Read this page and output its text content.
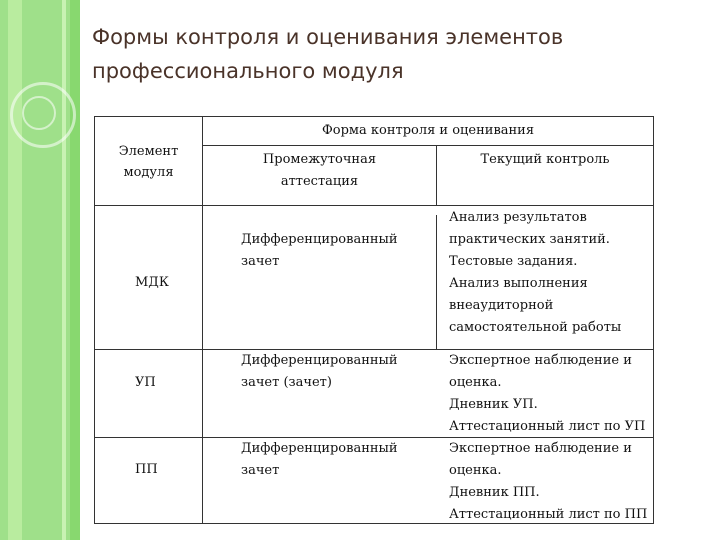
Формы контроля и оценивания элементов
профессионального модуля
Форма контроля и оценивания
Элемент
модуля
Промежуточная
аттестация
Текущий контроль
МДК
Дифференцированный
зачет
Анализ результатов
практических занятий.
Тестовые задания.
Анализ выполнения
внеаудиторной
самостоятельной работы
УП
Дифференцированный
зачет (зачет)
Экспертное наблюдение и
оценка.
Дневник УП.
Аттестационный лист по УП
ПП
Дифференцированный
зачет
Экспертное наблюдение и
оценка.
Дневник ПП.
Аттестационный лист по ПП
